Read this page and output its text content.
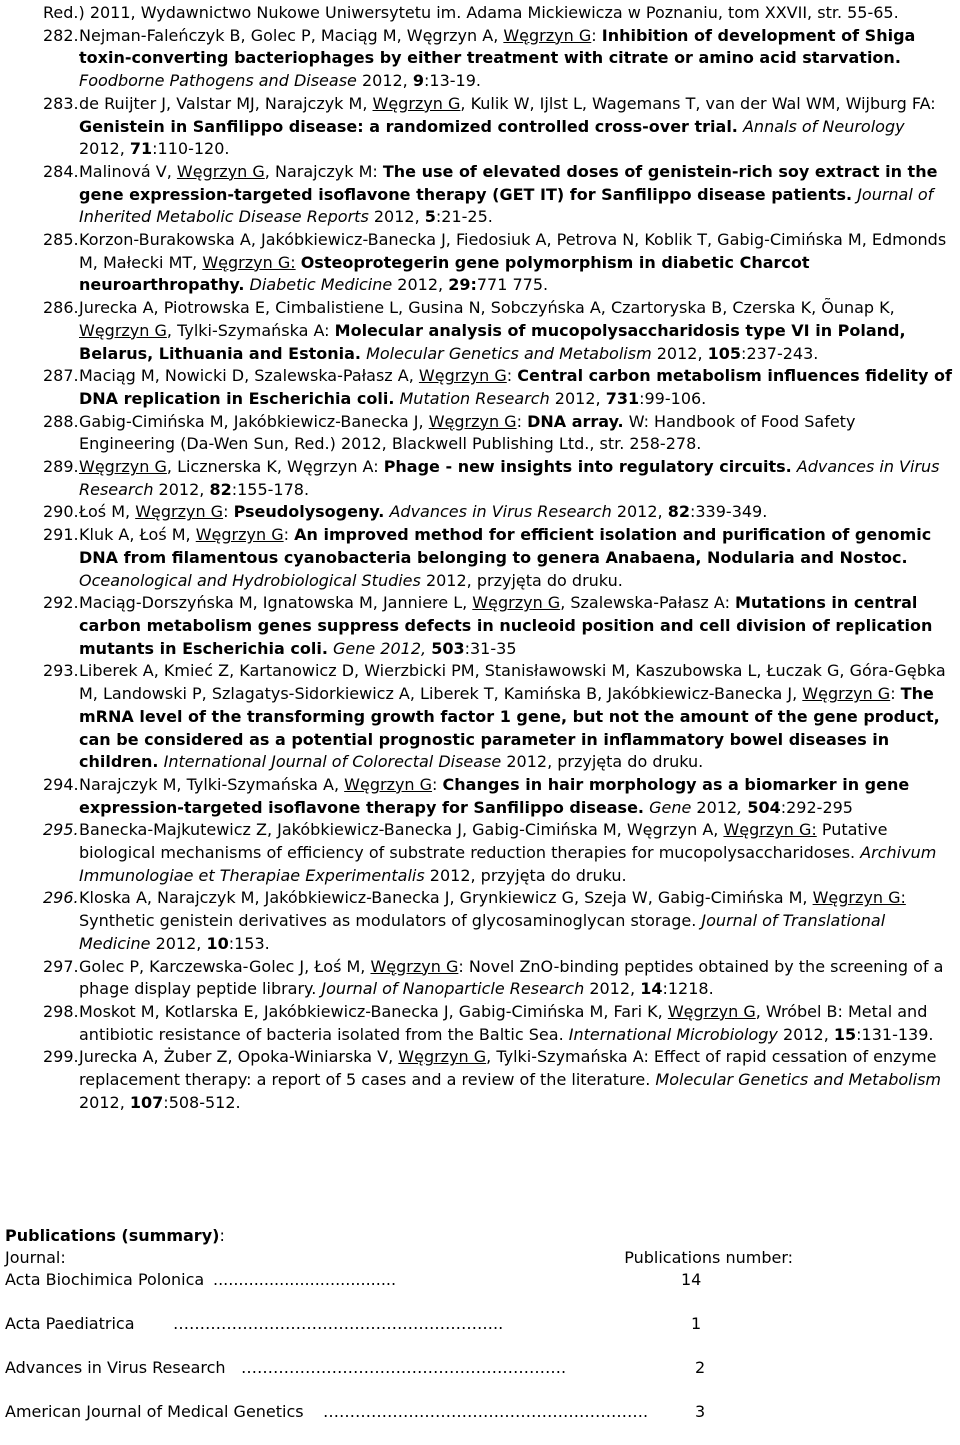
Red.) 2011, Wydawnictwo Nukowe Uniwersytetu im. Adama Mickiewicza w Poznaniu, tom XXVII, str. 55-65.
282. Nejman-Faleńczyk B, Golec P, Maciąg M, Węgrzyn A, Węgrzyn G: Inhibition of development of Shiga toxin-converting bacteriophages by either treatment with citrate or amino acid starvation. Foodborne Pathogens and Disease 2012, 9:13-19.
283. de Ruijter J, Valstar MJ, Narajczyk M, Węgrzyn G, Kulik W, Ijlst L, Wagemans T, van der Wal WM, Wijburg FA: Genistein in Sanfilippo disease: a randomized controlled cross-over trial. Annals of Neurology 2012, 71:110-120.
284. Malinová V, Węgrzyn G, Narajczyk M: The use of elevated doses of genistein-rich soy extract in the gene expression-targeted isoflavone therapy (GET IT) for Sanfilippo disease patients. Journal of Inherited Metabolic Disease Reports 2012, 5:21-25.
285. Korzon-Burakowska A, Jakóbkiewicz-Banecka J, Fiedosiuk A, Petrova N, Koblik T, Gabig-Cimińska M, Edmonds M, Małecki MT, Węgrzyn G: Osteoprotegerin gene polymorphism in diabetic Charcot neuroarthropathy. Diabetic Medicine 2012, 29:771 775.
286. Jurecka A, Piotrowska E, Cimbalistiene L, Gusina N, Sobczyńska A, Czartoryska B, Czerska K, Õunap K, Węgrzyn G, Tylki-Szymańska A: Molecular analysis of mucopolysaccharidosis type VI in Poland, Belarus, Lithuania and Estonia. Molecular Genetics and Metabolism 2012, 105:237-243.
287. Maciąg M, Nowicki D, Szalewska-Pałasz A, Węgrzyn G: Central carbon metabolism influences fidelity of DNA replication in Escherichia coli. Mutation Research 2012, 731:99-106.
288. Gabig-Cimińska M, Jakóbkiewicz-Banecka J, Węgrzyn G: DNA array. W: Handbook of Food Safety Engineering (Da-Wen Sun, Red.) 2012, Blackwell Publishing Ltd., str. 258-278.
289. Węgrzyn G, Licznerska K, Węgrzyn A: Phage - new insights into regulatory circuits. Advances in Virus Research 2012, 82:155-178.
290. Łoś M, Węgrzyn G: Pseudolysogeny. Advances in Virus Research 2012, 82:339-349.
291. Kluk A, Łoś M, Węgrzyn G: An improved method for efficient isolation and purification of genomic DNA from filamentous cyanobacteria belonging to genera Anabaena, Nodularia and Nostoc. Oceanological and Hydrobiological Studies 2012, przyjęta do druku.
292. Maciąg-Dorszyńska M, Ignatowska M, Janniere L, Węgrzyn G, Szalewska-Pałasz A: Mutations in central carbon metabolism genes suppress defects in nucleoid position and cell division of replication mutants in Escherichia coli. Gene 2012, 503:31-35
293. Liberek A, Kmieć Z, Kartanowicz D, Wierzbicki PM, Stanisławowski M, Kaszubowska L, Łuczak G, Góra-Gębka M, Landowski P, Szlagatys-Sidorkiewicz A, Liberek T, Kamińska B, Jakóbkiewicz-Banecka J, Węgrzyn G: The mRNA level of the transforming growth factor 1 gene, but not the amount of the gene product, can be considered as a potential prognostic parameter in inflammatory bowel diseases in children. International Journal of Colorectal Disease 2012, przyjęta do druku.
294. Narajczyk M, Tylki-Szymańska A, Węgrzyn G: Changes in hair morphology as a biomarker in gene expression-targeted isoflavone therapy for Sanfilippo disease. Gene 2012, 504:292-295
295. Banecka-Majkutewicz Z, Jakóbkiewicz-Banecka J, Gabig-Cimińska M, Węgrzyn A, Węgrzyn G: Putative biological mechanisms of efficiency of substrate reduction therapies for mucopolysaccharidoses. Archivum Immunologiae et Therapiae Experimentalis 2012, przyjęta do druku.
296. Kloska A, Narajczyk M, Jakóbkiewicz-Banecka J, Grynkiewicz G, Szeja W, Gabig-Cimińska M, Węgrzyn G: Synthetic genistein derivatives as modulators of glycosaminoglycan storage. Journal of Translational Medicine 2012, 10:153.
297. Golec P, Karczewska-Golec J, Łoś M, Węgrzyn G: Novel ZnO-binding peptides obtained by the screening of a phage display peptide library. Journal of Nanoparticle Research 2012, 14:1218.
298. Moskot M, Kotlarska E, Jakóbkiewicz-Banecka J, Gabig-Cimińska M, Fari K, Węgrzyn G, Wróbel B: Metal and antibiotic resistance of bacteria isolated from the Baltic Sea. International Microbiology 2012, 15:131-139.
299. Jurecka A, Żuber Z, Opoka-Winiarska V, Węgrzyn G, Tylki-Szymańska A: Effect of rapid cessation of enzyme replacement therapy: a report of 5 cases and a review of the literature. Molecular Genetics and Metabolism 2012, 107:508-512.
Publications (summary):
Journal:	Publications number:
Acta Biochimica Polonica ....................................	14
Acta Paediatrica ……………………………………………………..	1
Advances in Virus Research …………………………………………………….	2
American Journal of Medical Genetics …………………………………………………….	3
